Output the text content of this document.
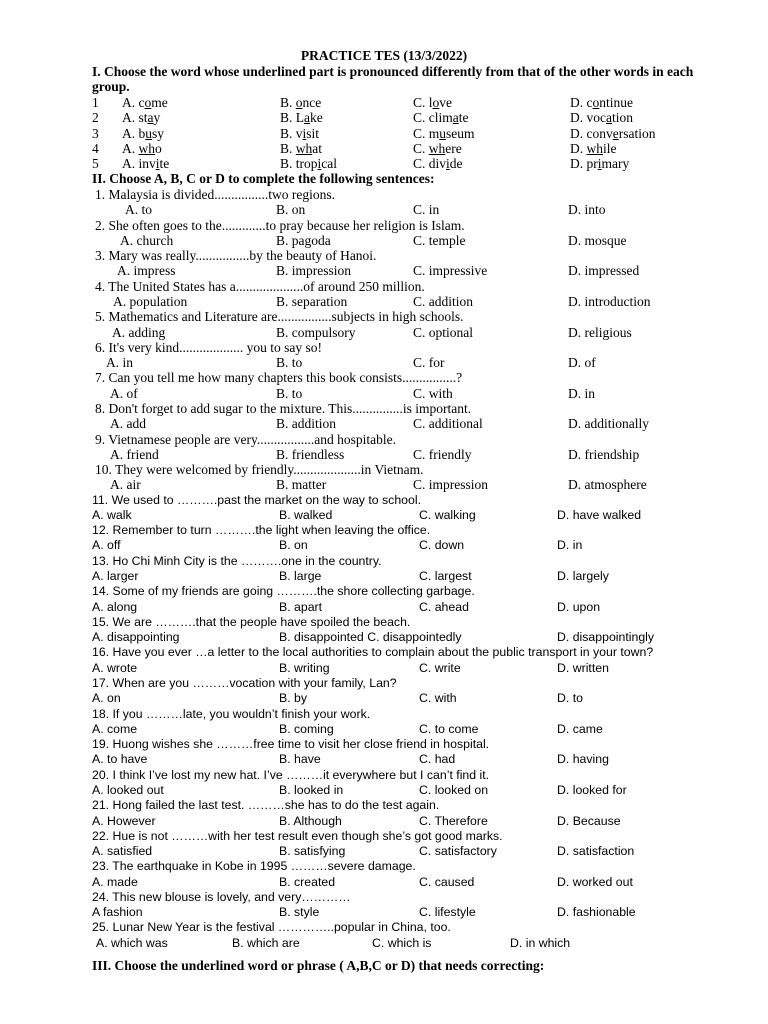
PRACTICE TES (13/3/2022)
I. Choose the word whose underlined part is pronounced differently from that of the other words in each group.
1 A. come	B. once	C. love	D. continue
2 A. stay	B. Lake	C. climate	D. vocation
3 A. busy	B. visit	C. museum	D. conversation
4 A. who	B. what	C. where	D. while
5 A. invite	B. tropical	C. divide	D. primary
II. Choose A, B, C or D to complete the following sentences:
1. Malaysia is divided................two regions.
A. to	B. on	C. in	D. into
2. She often goes to the.............to pray because her religion is Islam.
A. church	B. pagoda	C. temple	D. mosque
3. Mary was really................by the beauty of Hanoi.
A. impress	B. impression	C. impressive	D. impressed
4. The United States has a....................of around 250 million.
A. population	B. separation	C. addition	D. introduction
5. Mathematics and Literature are................subjects in high schools.
A. adding	B. compulsory	C. optional	D. religious
6. It's very kind................... you to say so!
A. in	B. to	C. for	D. of
7. Can you tell me how many chapters this book consists................?
A. of	B. to	C. with	D. in
8. Don't forget to add sugar to the mixture. This...............is important.
A. add	B. addition	C. additional	D. additionally
9. Vietnamese people are very.................and hospitable.
A. friend	B. friendless	C. friendly	D. friendship
10. They were welcomed by friendly....................in Vietnam.
A. air	B. matter	C. impression	D. atmosphere
11. We used to ……….past the market on the way to school.
A. walk	B. walked	C. walking	D. have walked
12. Remember to turn ……….the light when leaving the office.
A. off	B. on	C. down	D. in
13. Ho Chi Minh City is the ……….one in the country.
A. larger	B. large	C. largest	D. largely
14. Some of my friends are going ……….the shore collecting garbage.
A. along	B. apart	C. ahead	D. upon
15. We are ……….that the people have spoiled the beach.
A. disappointing	B. disappointed C. disappointedly	D. disappointingly
16. Have you ever …a letter to the local authorities to complain about the public transport in your town?
A. wrote	B. writing	C. write	D. written
17. When are you ………vocation with your family, Lan?
A. on	B. by	C. with	D. to
18. If you ………late, you wouldn’t finish your work.
A. come	B. coming	C. to come	D. came
19. Huong wishes she ………free time to visit her close friend in hospital.
A. to have	B. have	C. had	D. having
20. I think I’ve lost my new hat. I’ve ………it everywhere but I can’t find it.
A. looked out	B. looked in	C. looked on	D. looked for
21. Hong failed the last test. ………she has to do the test again.
A. However	B. Although	C. Therefore	D. Because
22. Hue is not ………with her test result even though she’s got good marks.
A. satisfied	B. satisfying	C. satisfactory	D. satisfaction
23. The earthquake in Kobe in 1995 ………severe damage.
A. made	B. created	C. caused	D. worked out
24. This new blouse is lovely, and very…………
A fashion	B. style	C. lifestyle	D. fashionable
25. Lunar New Year is the festival …………..popular in China, too.
A. which was	B. which are	C. which is	D. in which
III. Choose the underlined word or phrase ( A,B,C or D) that needs correcting:
